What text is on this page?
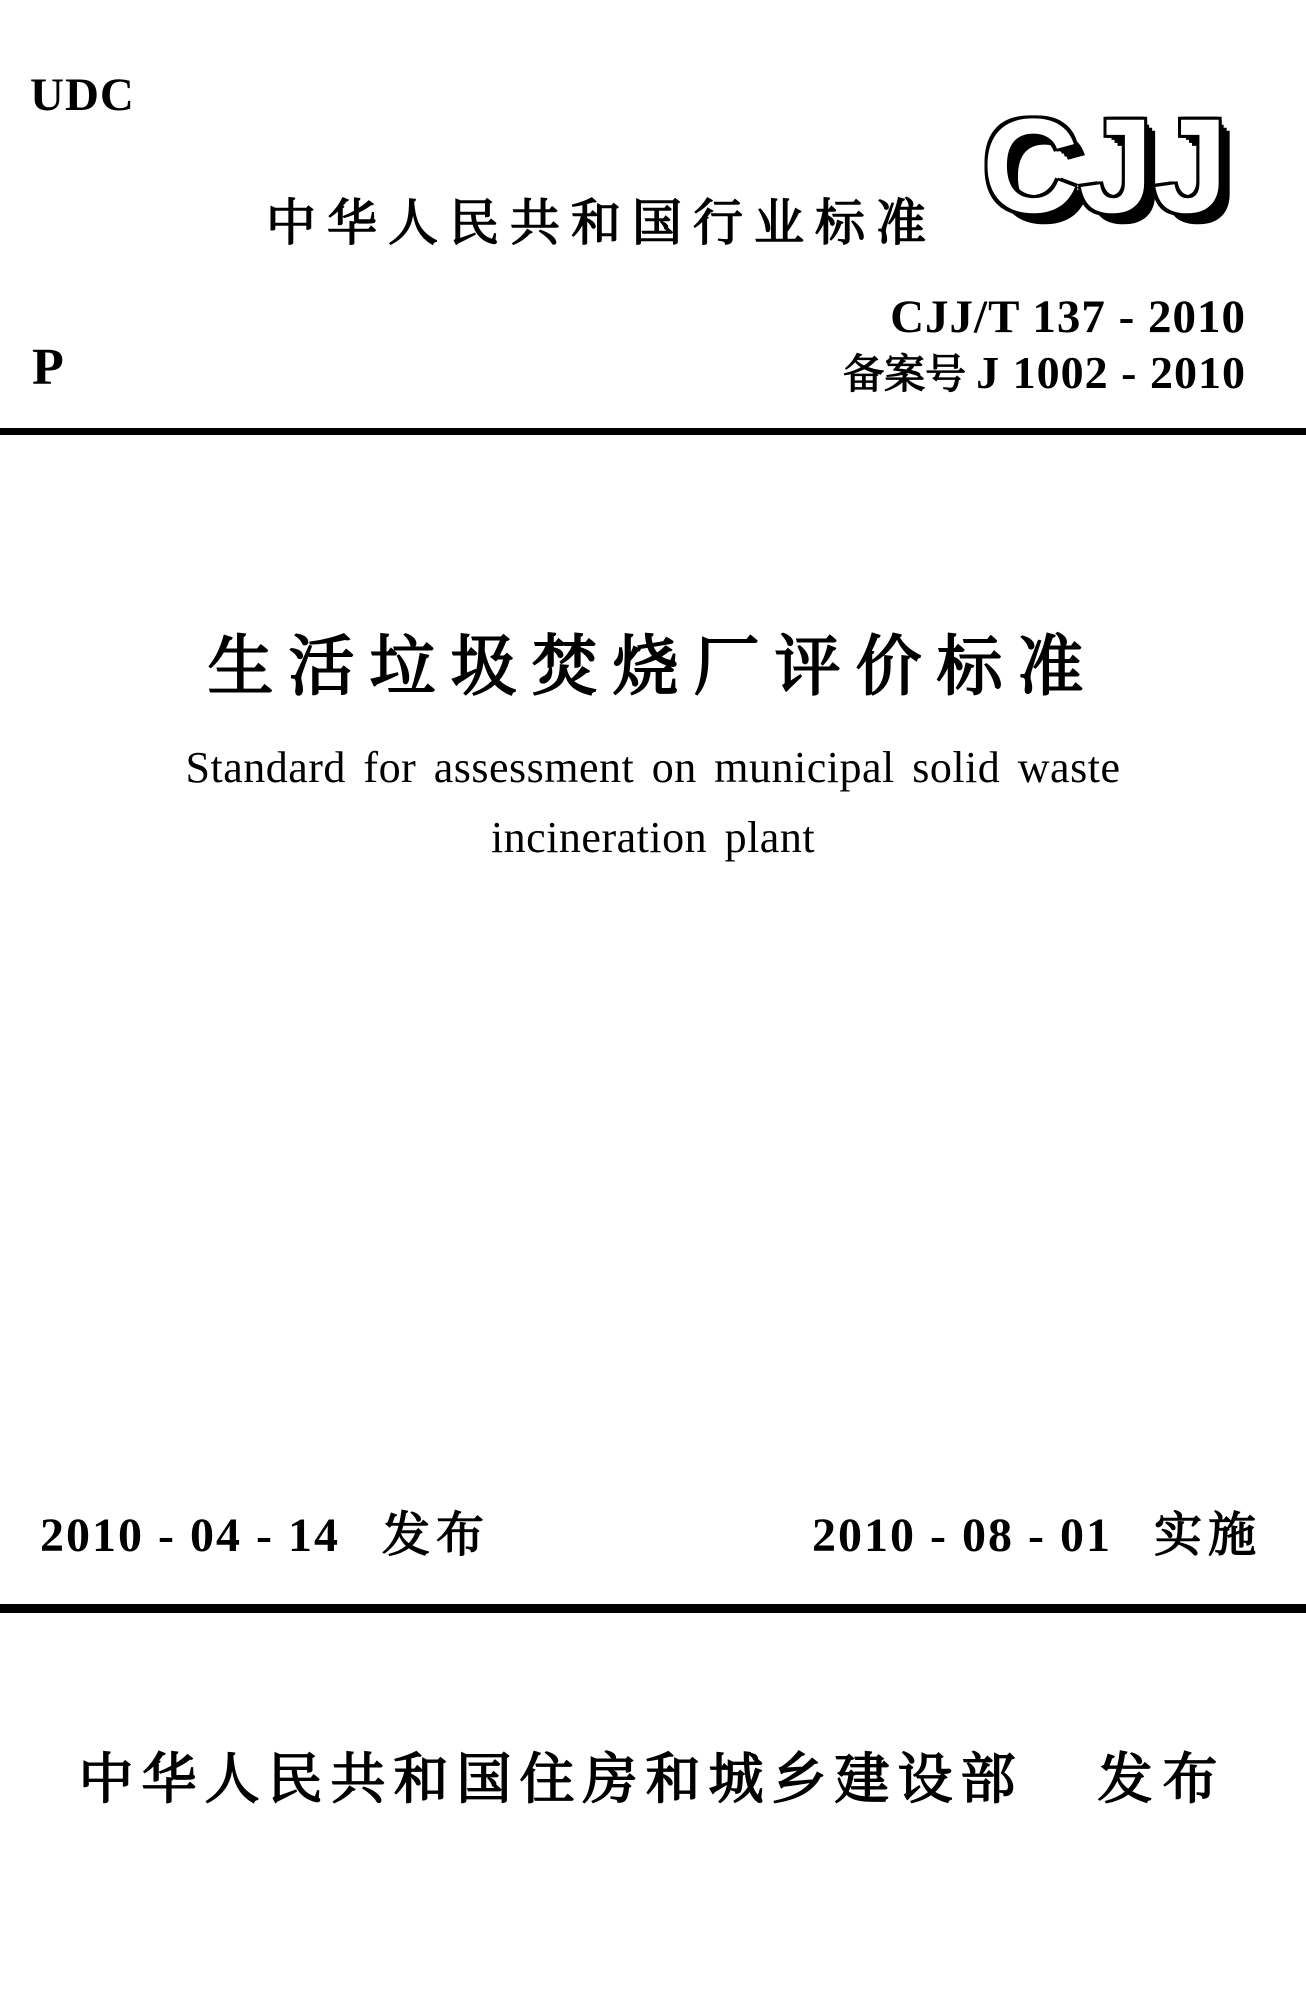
UDC
中华人民共和国行业标准 CJJ
CJJ/T 137 - 2010
备案号 J 1002 - 2010
P
生活垃圾焚烧厂评价标准
Standard for assessment on municipal solid waste
incineration plant
2010 - 04 - 14 发布	2010 - 08 - 01 实施
中华人民共和国住房和城乡建设部 发布
